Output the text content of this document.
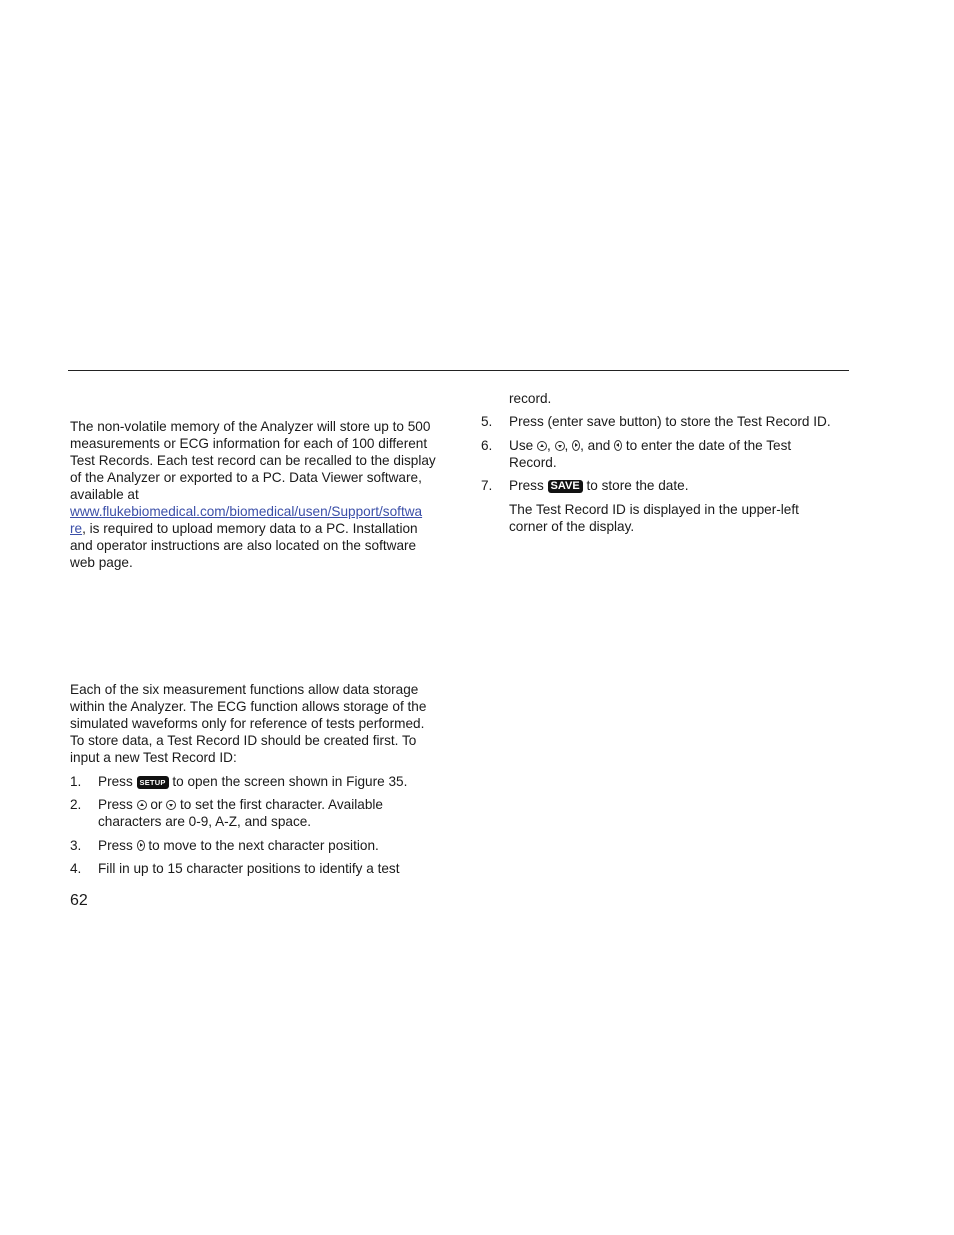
The non-volatile memory of the Analyzer will store up to 500 measurements or ECG information for each of 100 different Test Records. Each test record can be recalled to the display of the Analyzer or exported to a PC. Data Viewer software, available at
www.flukebiomedical.com/biomedical/usen/Support/softwa
re, is required to upload memory data to a PC. Installation and operator instructions are also located on the software web page.

Each of the six measurement functions allow data storage within the Analyzer. The ECG function allows storage of the simulated waveforms only for reference of tests performed. To store data, a Test Record ID should be created first. To input a new Test Record ID:

1. Press SETUP to open the screen shown in Figure 35.
2. Press or to set the first character. Available characters are 0-9, A-Z, and space.
3. Press to move to the next character position.
4. Fill in up to 15 character positions to identify a test
62

record.

5. Press (enter save button) to store the Test Record ID.
6. Use , , , and to enter the date of the Test Record.
7. Press SAVE to store the date.

The Test Record ID is displayed in the upper-left corner of the display.
